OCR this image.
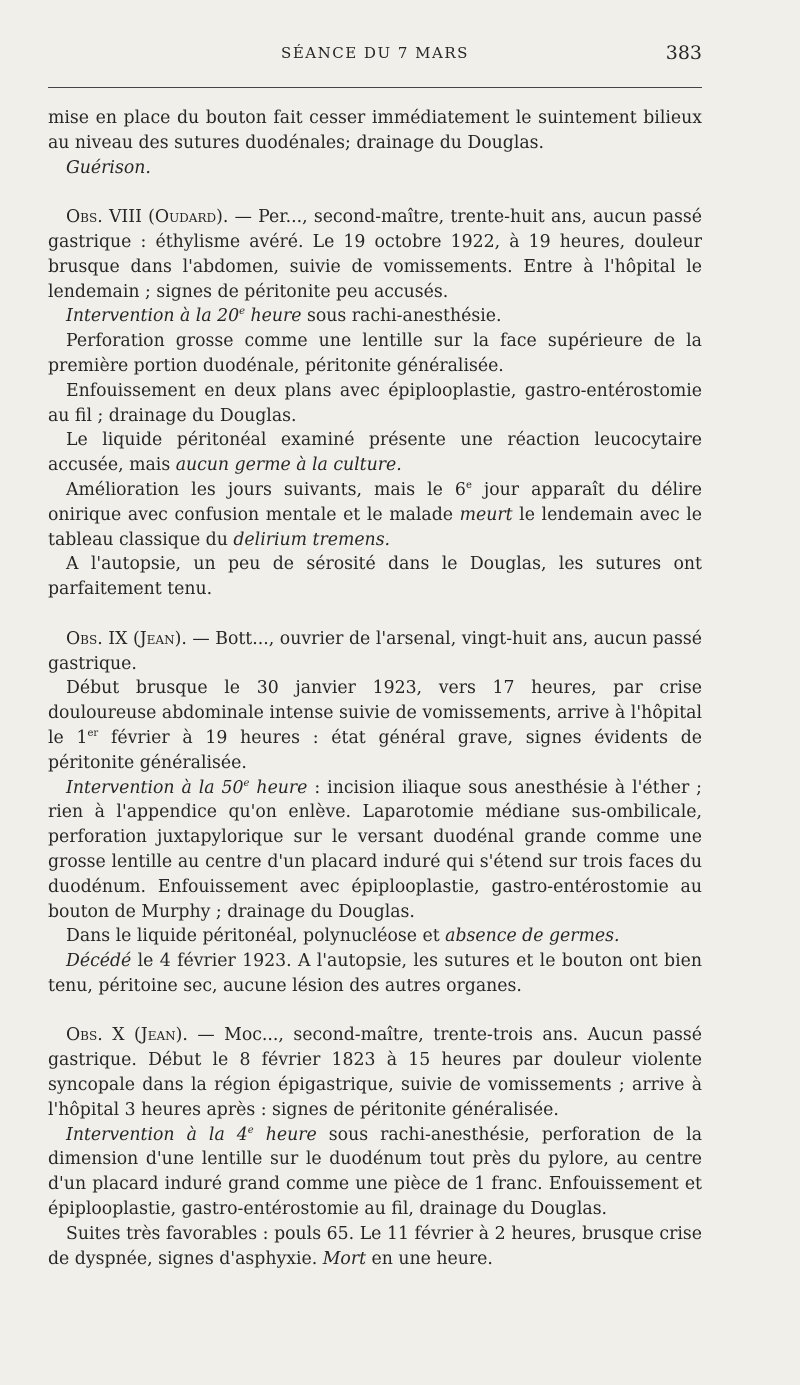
SÉANCE DU 7 MARS	383

mise en place du bouton fait cesser immédiatement le suintement bilieux au niveau des sutures duodénales; drainage du Douglas.

Guérison.

Obs. VIII (Oudard). — Per..., second-maître, trente-huit ans, aucun passé gastrique : éthylisme avéré. Le 19 octobre 1922, à 19 heures, douleur brusque dans l'abdomen, suivie de vomissements. Entre à l'hôpital le lendemain ; signes de péritonite peu accusés.

Intervention à la 20e heure sous rachi-anesthésie.

Perforation grosse comme une lentille sur la face supérieure de la première portion duodénale, péritonite généralisée.

Enfouissement en deux plans avec épiplooplastie, gastro-entérostomie au fil ; drainage du Douglas.

Le liquide péritonéal examiné présente une réaction leucocytaire accusée, mais aucun germe à la culture.

Amélioration les jours suivants, mais le 6e jour apparaît du délire onirique avec confusion mentale et le malade meurt le lendemain avec le tableau classique du delirium tremens.

A l'autopsie, un peu de sérosité dans le Douglas, les sutures ont parfaitement tenu.

Obs. IX (Jean). — Bott..., ouvrier de l'arsenal, vingt-huit ans, aucun passé gastrique.

Début brusque le 30 janvier 1923, vers 17 heures, par crise douloureuse abdominale intense suivie de vomissements, arrive à l'hôpital le 1er février à 19 heures : état général grave, signes évidents de péritonite généralisée.

Intervention à la 50e heure : incision iliaque sous anesthésie à l'éther ; rien à l'appendice qu'on enlève. Laparotomie médiane sus-ombilicale, perforation juxtapylorique sur le versant duodénal grande comme une grosse lentille au centre d'un placard induré qui s'étend sur trois faces du duodénum. Enfouissement avec épiplooplastie, gastro-entérostomie au bouton de Murphy ; drainage du Douglas.

Dans le liquide péritonéal, polynucléose et absence de germes.

Décédé le 4 février 1923. A l'autopsie, les sutures et le bouton ont bien tenu, péritoine sec, aucune lésion des autres organes.

Obs. X (Jean). — Moc..., second-maître, trente-trois ans. Aucun passé gastrique. Début le 8 février 1823 à 15 heures par douleur violente syncopale dans la région épigastrique, suivie de vomissements ; arrive à l'hôpital 3 heures après : signes de péritonite généralisée.

Intervention à la 4e heure sous rachi-anesthésie, perforation de la dimension d'une lentille sur le duodénum tout près du pylore, au centre d'un placard induré grand comme une pièce de 1 franc. Enfouissement et épiplooplastie, gastro-entérostomie au fil, drainage du Douglas.

Suites très favorables : pouls 65. Le 11 février à 2 heures, brusque crise de dyspnée, signes d'asphyxie. Mort en une heure.
